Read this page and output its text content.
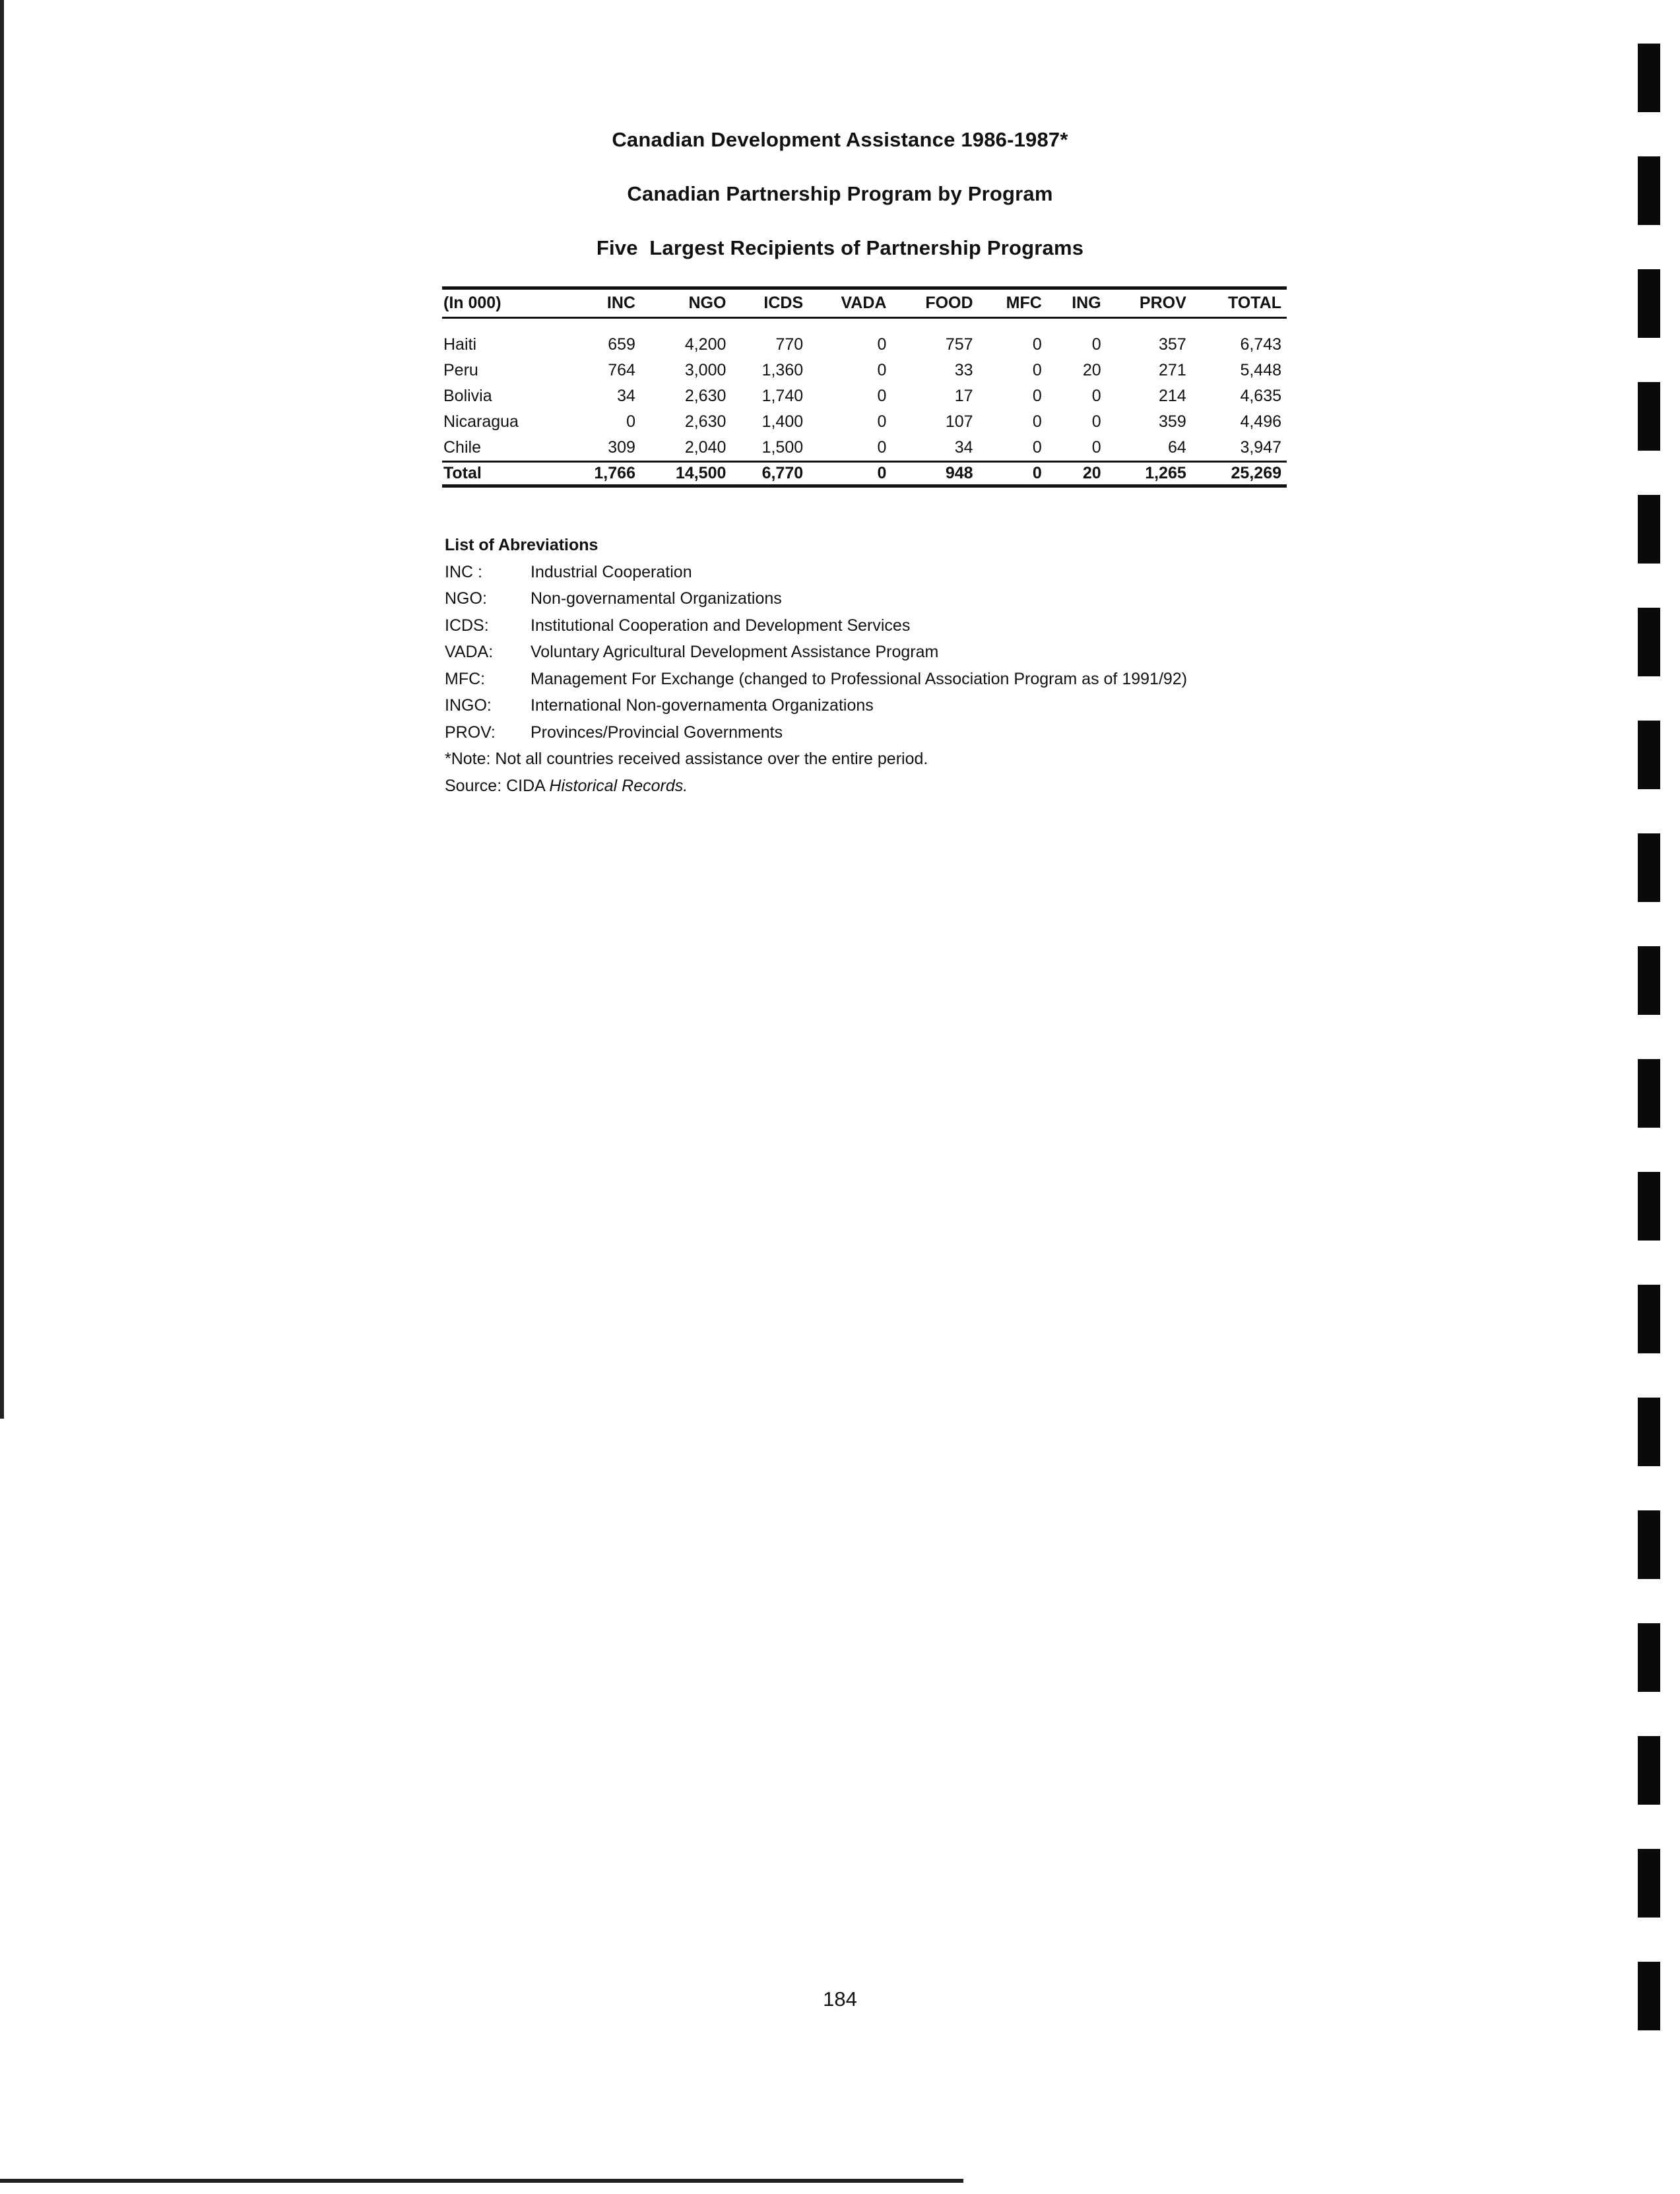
Canadian Development Assistance 1986-1987*
Canadian Partnership Program by Program
Five  Largest Recipients of Partnership Programs
(In 000)	INC	NGO	ICDS	VADA	FOOD	MFC	ING	PROV	TOTAL

Haiti	659	4,200	770	0	757	0	0	357	6,743
Peru	764	3,000	1,360	0	33	0	20	271	5,448
Bolivia	34	2,630	1,740	0	17	0	0	214	4,635
Nicaragua	0	2,630	1,400	0	107	0	0	359	4,496
Chile	309	2,040	1,500	0	34	0	0	64	3,947
Total	1,766	14,500	6,770	0	948	0	20	1,265	25,269
List of Abreviations
INC :	Industrial Cooperation
NGO:	Non-governamental Organizations
ICDS:	Institutional Cooperation and Development Services
VADA:	Voluntary Agricultural Development Assistance Program
MFC:	Management For Exchange (changed to Professional Association Program as of 1991/92)
INGO:	International Non-governamenta Organizations
PROV:	Provinces/Provincial Governments
*Note: Not all countries received assistance over the entire period.
Source: CIDA Historical Records.
184
